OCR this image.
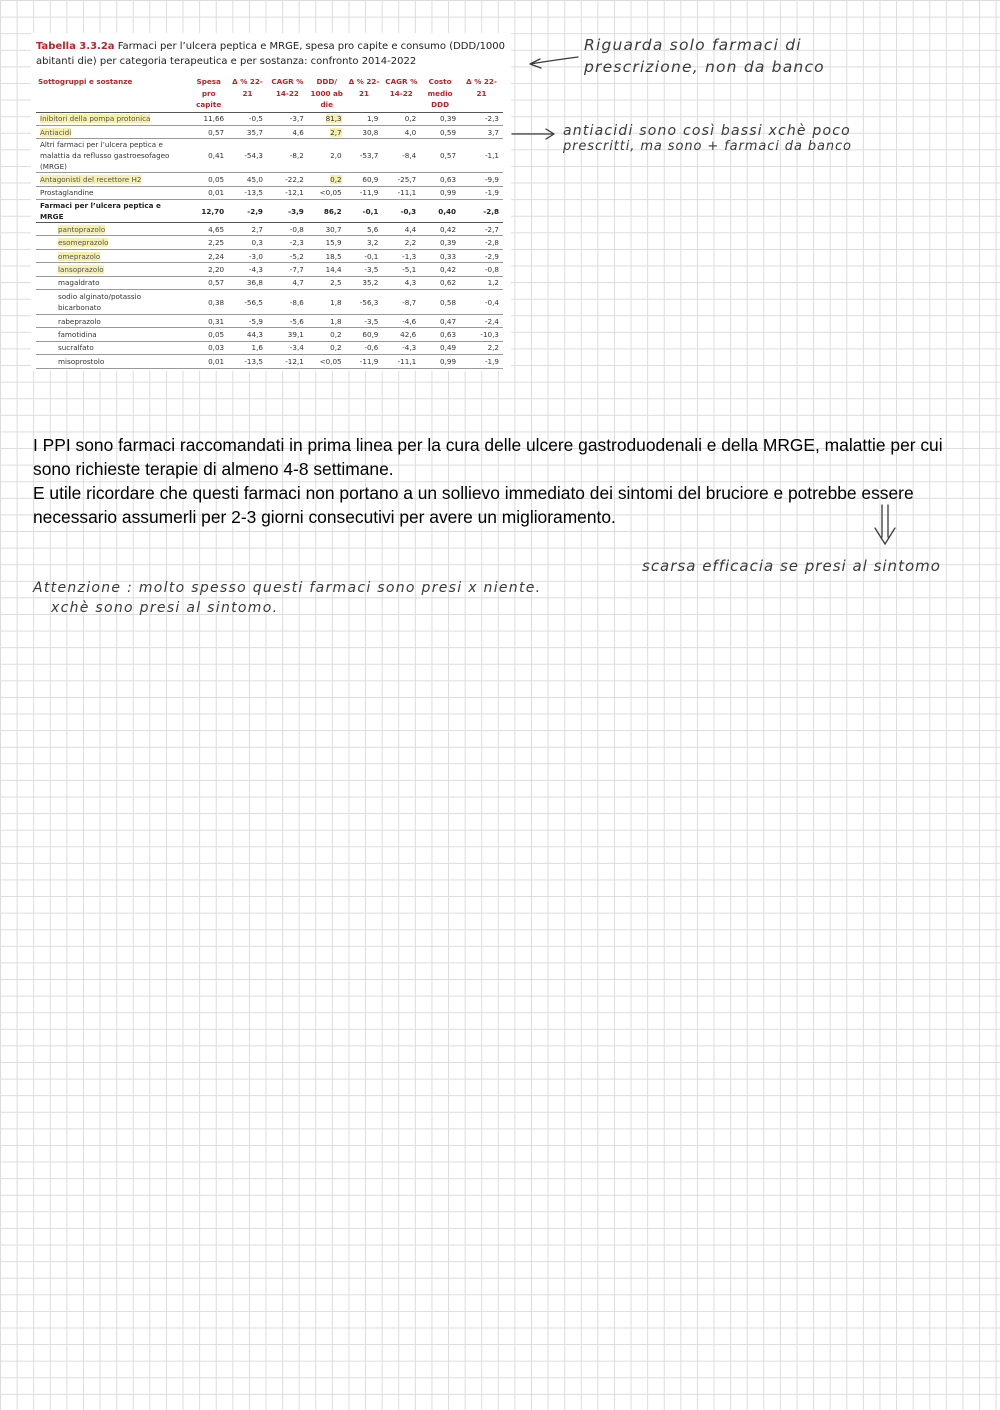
Tabella 3.3.2a Farmaci per l’ulcera peptica e MRGE, spesa pro capite e consumo (DDD/1000 abitanti die) per categoria terapeutica e per sostanza: confronto 2014-2022
Sottogruppi e sostanze	Spesa pro capite	Δ % 22-21	CAGR % 14-22	DDD/ 1000 ab die	Δ % 22-21	CAGR % 14-22	Costo medio DDD	Δ % 22-21
Inibitori della pompa protonica	11,66	-0,5	-3,7	81,3	1,9	0,2	0,39	-2,3
Antiacidi	0,57	35,7	4,6	2,7	30,8	4,0	0,59	3,7
Altri farmaci per l’ulcera peptica e malattia da reflusso gastroesofageo (MRGE)	0,41	-54,3	-8,2	2,0	-53,7	-8,4	0,57	-1,1
Antagonisti del recettore H2	0,05	45,0	-22,2	0,2	60,9	-25,7	0,63	-9,9
Prostaglandine	0,01	-13,5	-12,1	<0,05	-11,9	-11,1	0,99	-1,9
Farmaci per l’ulcera peptica e MRGE	12,70	-2,9	-3,9	86,2	-0,1	-0,3	0,40	-2,8
pantoprazolo	4,65	2,7	-0,8	30,7	5,6	4,4	0,42	-2,7
esomeprazolo	2,25	0,3	-2,3	15,9	3,2	2,2	0,39	-2,8
omeprazolo	2,24	-3,0	-5,2	18,5	-0,1	-1,3	0,33	-2,9
lansoprazolo	2,20	-4,3	-7,7	14,4	-3,5	-5,1	0,42	-0,8
magaldrato	0,57	36,8	4,7	2,5	35,2	4,3	0,62	1,2
sodio alginato/potassio bicarbonato	0,38	-56,5	-8,6	1,8	-56,3	-8,7	0,58	-0,4
rabeprazolo	0,31	-5,9	-5,6	1,8	-3,5	-4,6	0,47	-2,4
famotidina	0,05	44,3	39,1	0,2	60,9	42,6	0,63	-10,3
sucralfato	0,03	1,6	-3,4	0,2	-0,6	-4,3	0,49	2,2
misoprostolo	0,01	-13,5	-12,1	<0,05	-11,9	-11,1	0,99	-1,9
Riguarda solo farmaci di
prescrizione, non da banco
antiacidi sono così bassi xchè poco
prescritti, ma sono + farmaci da banco
scarsa efficacia se presi al sintomo
Attenzione : molto spesso questi farmaci sono presi x niente.
xchè sono presi al sintomo.

I PPI sono farmaci raccomandati in prima linea per la cura delle ulcere gastroduodenali e della MRGE, malattie per cui sono richieste terapie di almeno 4-8 settimane.

E utile ricordare che questi farmaci non portano a un sollievo immediato dei sintomi del bruciore e potrebbe essere necessario assumerli per 2-3 giorni consecutivi per avere un miglioramento.
